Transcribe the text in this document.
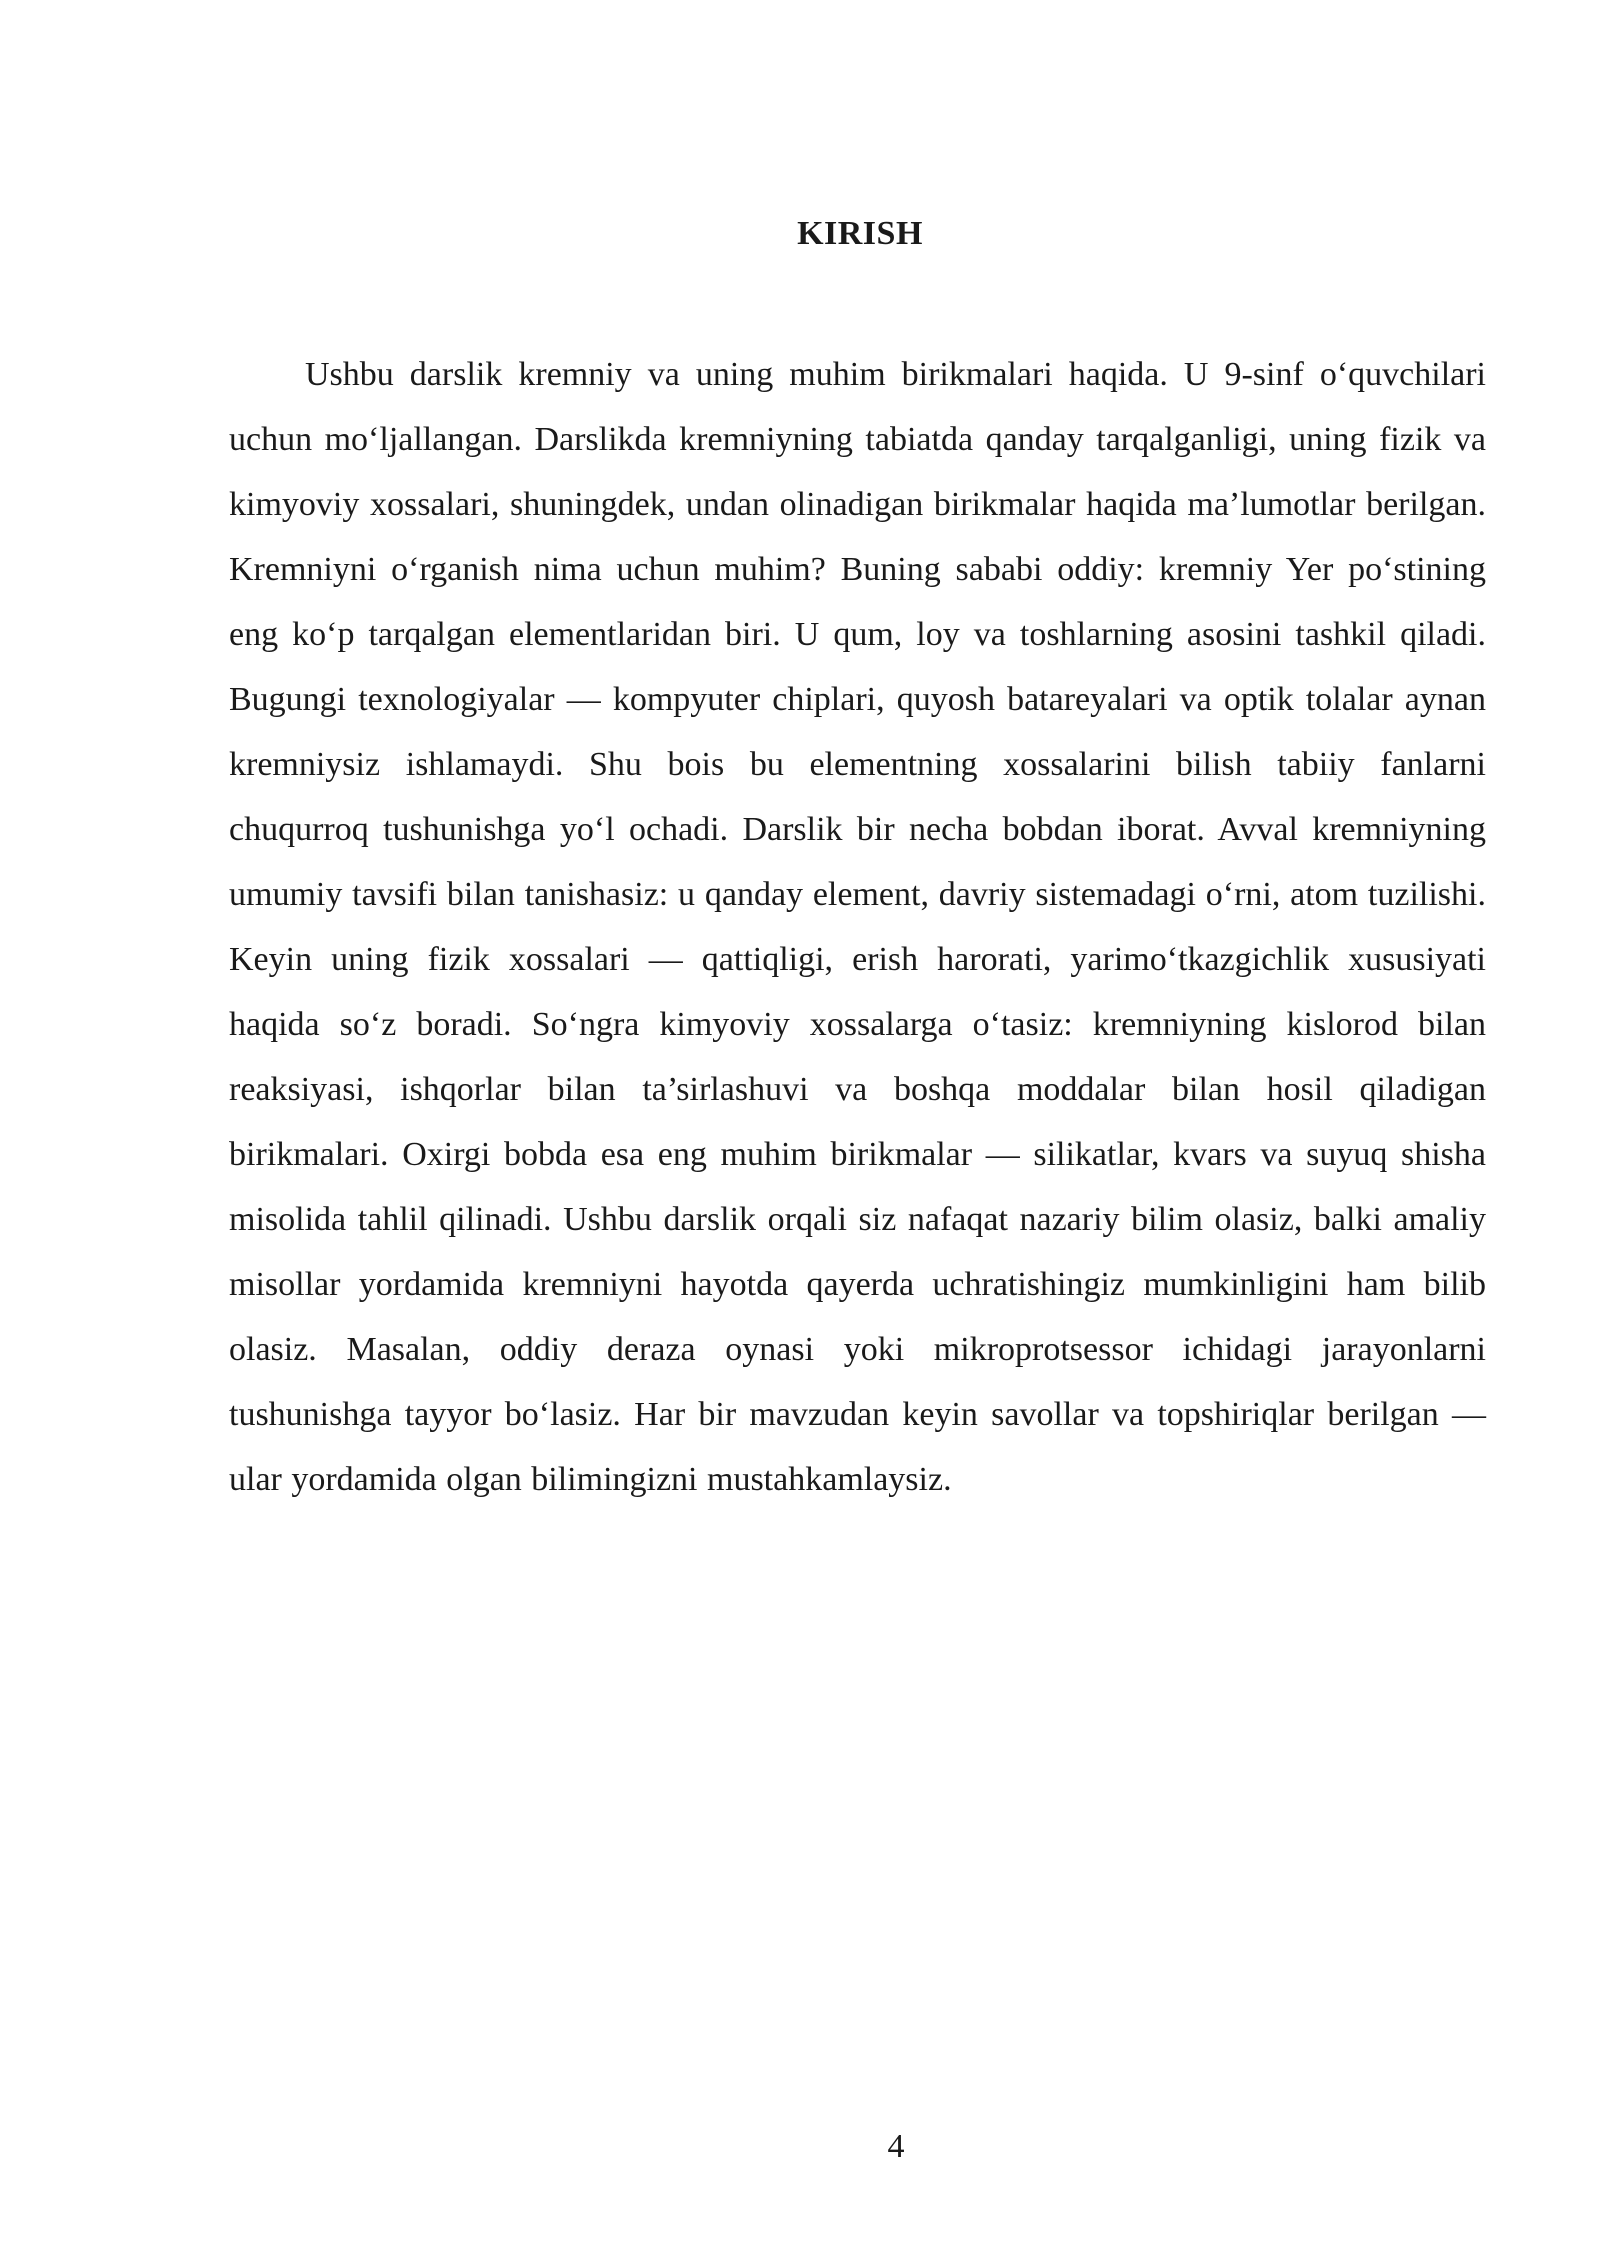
KIRISH

Ushbu darslik kremniy va uning muhim birikmalari haqida. U 9-sinf o‘quvchilari uchun mo‘ljallangan. Darslikda kremniyning tabiatda qanday tarqalganligi, uning fizik va kimyoviy xossalari, shuningdek, undan olinadigan birikmalar haqida ma’lumotlar berilgan. Kremniyni o‘rganish nima uchun muhim? Buning sababi oddiy: kremniy Yer po‘stining eng ko‘p tarqalgan elementlaridan biri. U qum, loy va toshlarning asosini tashkil qiladi. Bugungi texnologiyalar — kompyuter chiplari, quyosh batareyalari va optik tolalar aynan kremniysiz ishlamaydi. Shu bois bu elementning xossalarini bilish tabiiy fanlarni chuqurroq tushunishga yo‘l ochadi. Darslik bir necha bobdan iborat. Avval kremniyning umumiy tavsifi bilan tanishasiz: u qanday element, davriy sistemadagi o‘rni, atom tuzilishi. Keyin uning fizik xossalari — qattiqligi, erish harorati, yarimo‘tkazgichlik xususiyati haqida so‘z boradi. So‘ngra kimyoviy xossalarga o‘tasiz: kremniyning kislorod bilan reaksiyasi, ishqorlar bilan ta’sirlashuvi va boshqa moddalar bilan hosil qiladigan birikmalari. Oxirgi bobda esa eng muhim birikmalar — silikatlar, kvars va suyuq shisha misolida tahlil qilinadi. Ushbu darslik orqali siz nafaqat nazariy bilim olasiz, balki amaliy misollar yordamida kremniyni hayotda qayerda uchratishingiz mumkinligini ham bilib olasiz. Masalan, oddiy deraza oynasi yoki mikroprotsessor ichidagi jarayonlarni tushunishga tayyor bo‘lasiz. Har bir mavzudan keyin savollar va topshiriqlar berilgan — ular yordamida olgan bilimingizni mustahkamlaysiz.

4
